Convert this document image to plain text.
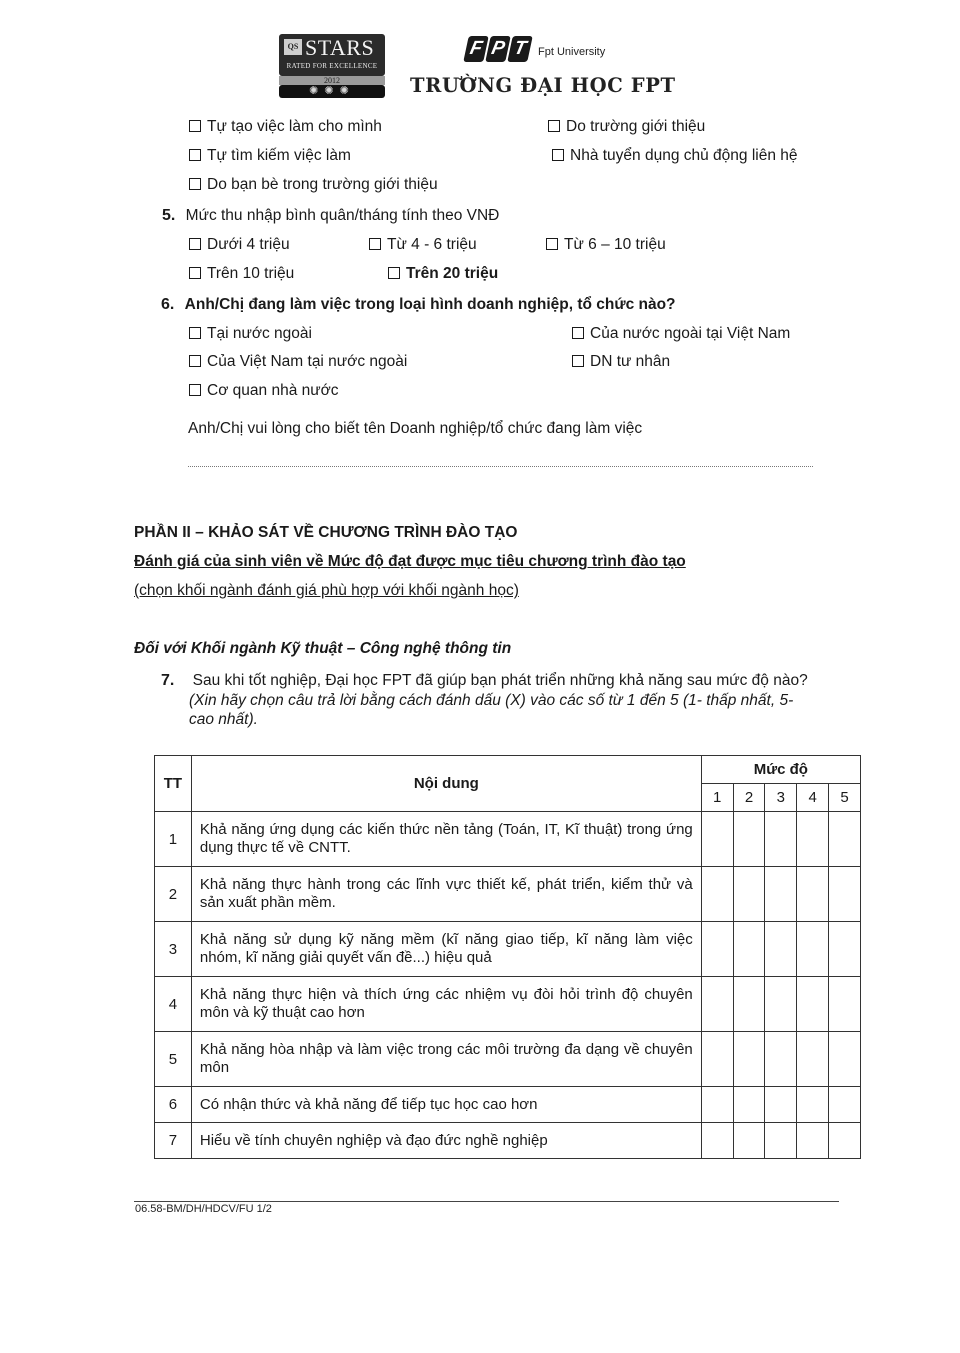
QS STARS
RATED FOR EXCELLENCE
2012
✺✺✺
F P T Fpt University
TRƯỜNG ĐẠI HỌC FPT
Tự tạo việc làm cho mình	Do trường giới thiệu
Tự tìm kiếm việc làm	Nhà tuyển dụng chủ động liên hệ
Do bạn bè trong trường giới thiệu
5. Mức thu nhập bình quân/tháng tính theo VNĐ
Dưới 4 triệu	Từ 4 - 6 triệu	Từ 6 – 10 triệu
Trên 10 triệu	Trên 20 triệu
6. Anh/Chị đang làm việc trong loại hình doanh nghiệp, tổ chức nào?
Tại nước ngoài	Của nước ngoài tại Việt Nam
Của Việt Nam tại nước ngoài	DN tư nhân
Cơ quan nhà nước
Anh/Chị vui lòng cho biết tên Doanh nghiệp/tổ chức đang làm việc
PHẦN II – KHẢO SÁT VỀ CHƯƠNG TRÌNH ĐÀO TẠO
Đánh giá của sinh viên về Mức độ đạt được mục tiêu chương trình đào tạo
(chọn khối ngành đánh giá phù hợp với khối ngành học)
Đối với Khối ngành Kỹ thuật – Công nghệ thông tin
7. Sau khi tốt nghiệp, Đại học FPT đã giúp bạn phát triển những khả năng sau mức độ nào?
(Xin hãy chọn câu trả lời bằng cách đánh dấu (X) vào các số từ 1 đến 5 (1- thấp nhất, 5-
cao nhất).
TT	Nội dung	Mức độ				
		1	2	3	4	5
1	Khả năng ứng dụng các kiến thức nền tảng (Toán, IT, Kĩ thuật) trong ứng dụng thực tế về CNTT.					
2	Khả năng thực hành trong các lĩnh vực thiết kế, phát triển, kiểm thử và sản xuất phần mềm.					
3	Khả năng sử dụng kỹ năng mềm (kĩ năng giao tiếp, kĩ năng làm việc nhóm, kĩ năng giải quyết vấn đề...) hiệu quả					
4	Khả năng thực hiện và thích ứng các nhiệm vụ đòi hỏi trình độ chuyên môn và kỹ thuật cao hơn					
5	Khả năng hòa nhập và làm việc trong các môi trường đa dạng về chuyên môn					
6	Có nhận thức và khả năng để tiếp tục học cao hơn					
7	Hiểu về tính chuyên nghiệp và đạo đức nghề nghiệp					
06.58-BM/DH/HDCV/FU 1/2
